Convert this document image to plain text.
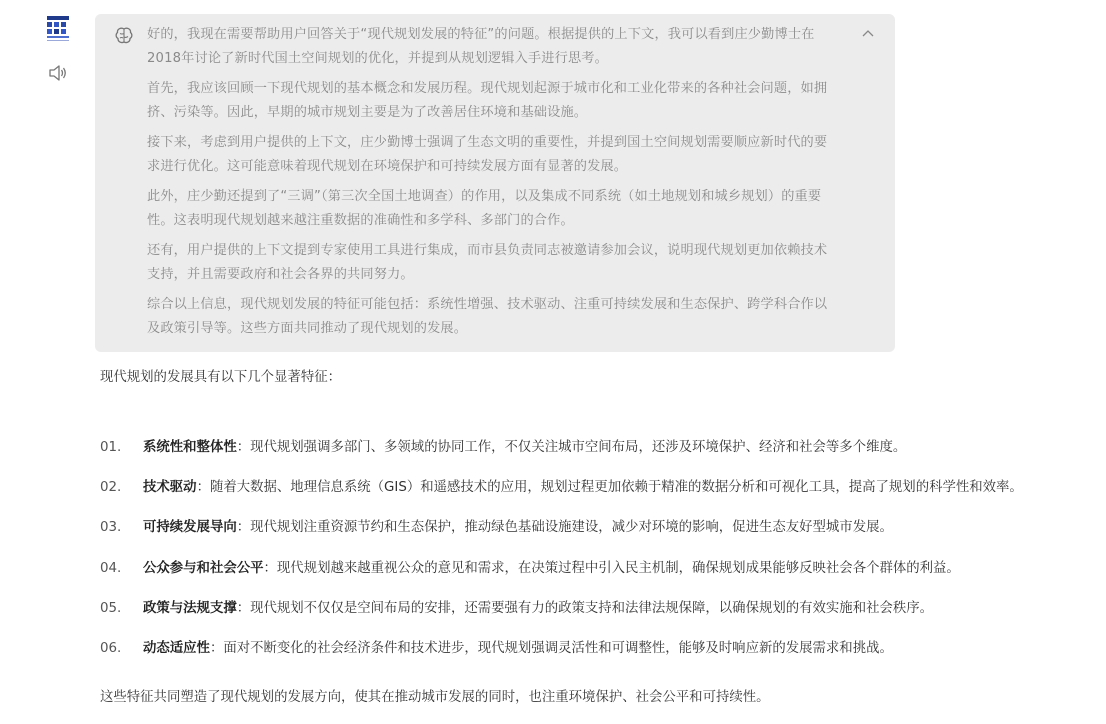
好的，我现在需要帮助用户回答关于“现代规划发展的特征”的问题。根据提供的上下文，我可以看到庄少勤博士在2018年讨论了新时代国土空间规划的优化，并提到从规划逻辑入手进行思考。

首先，我应该回顾一下现代规划的基本概念和发展历程。现代规划起源于城市化和工业化带来的各种社会问题，如拥挤、污染等。因此，早期的城市规划主要是为了改善居住环境和基础设施。

接下来，考虑到用户提供的上下文，庄少勤博士强调了生态文明的重要性，并提到国土空间规划需要顺应新时代的要求进行优化。这可能意味着现代规划在环境保护和可持续发展方面有显著的发展。

此外，庄少勤还提到了“三调”（第三次全国土地调查）的作用，以及集成不同系统（如土地规划和城乡规划）的重要性。这表明现代规划越来越注重数据的准确性和多学科、多部门的合作。

还有，用户提供的上下文提到专家使用工具进行集成，而市县负责同志被邀请参加会议，说明现代规划更加依赖技术支持，并且需要政府和社会各界的共同努力。

综合以上信息，现代规划发展的特征可能包括：系统性增强、技术驱动、注重可持续发展和生态保护、跨学科合作以及政策引导等。这些方面共同推动了现代规划的发展。

现代规划的发展具有以下几个显著特征：
01.	系统性和整体性：现代规划强调多部门、多领域的协同工作，不仅关注城市空间布局，还涉及环境保护、经济和社会等多个维度。
02.	技术驱动：随着大数据、地理信息系统（GIS）和遥感技术的应用，规划过程更加依赖于精准的数据分析和可视化工具，提高了规划的科学性和效率。
03.	可持续发展导向：现代规划注重资源节约和生态保护，推动绿色基础设施建设，减少对环境的影响，促进生态友好型城市发展。
04.	公众参与和社会公平：现代规划越来越重视公众的意见和需求，在决策过程中引入民主机制，确保规划成果能够反映社会各个群体的利益。
05.	政策与法规支撑：现代规划不仅仅是空间布局的安排，还需要强有力的政策支持和法律法规保障，以确保规划的有效实施和社会秩序。
06.	动态适应性：面对不断变化的社会经济条件和技术进步，现代规划强调灵活性和可调整性，能够及时响应新的发展需求和挑战。
这些特征共同塑造了现代规划的发展方向，使其在推动城市发展的同时，也注重环境保护、社会公平和可持续性。
